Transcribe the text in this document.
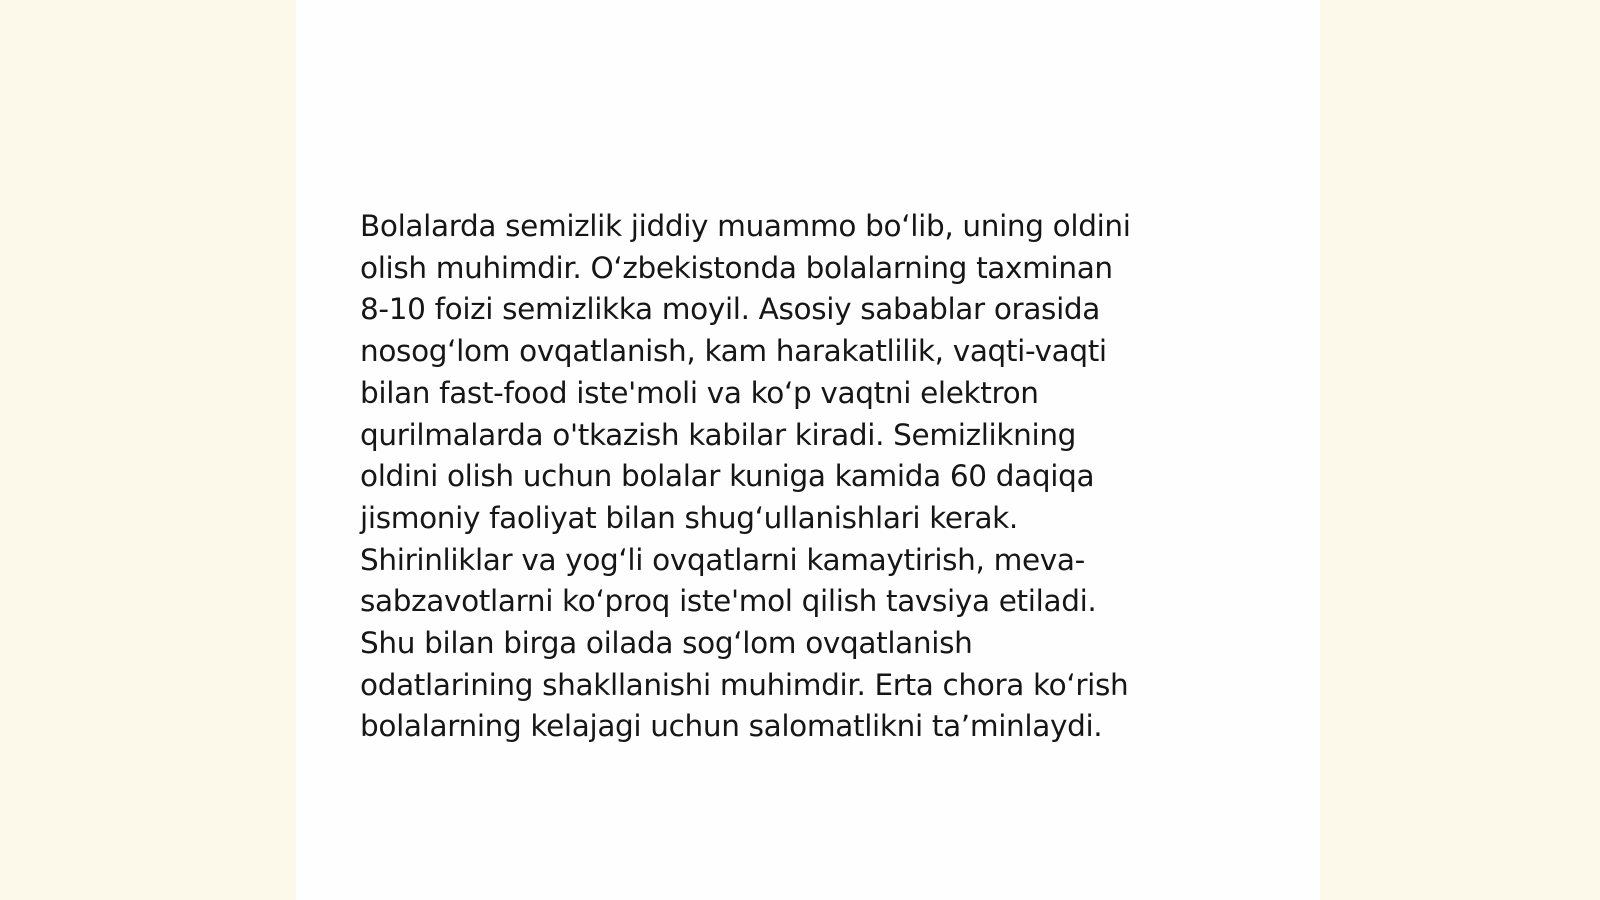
Bolalarda semizlik jiddiy muammo boʻlib, uning oldini
olish muhimdir. Oʻzbekistonda bolalarning taxminan
8-10 foizi semizlikka moyil. Asosiy sabablar orasida
nosogʻlom ovqatlanish, kam harakatlilik, vaqti-vaqti
bilan fast-food iste'moli va koʻp vaqtni elektron
qurilmalarda o'tkazish kabilar kiradi. Semizlikning
oldini olish uchun bolalar kuniga kamida 60 daqiqa
jismoniy faoliyat bilan shugʻullanishlari kerak.
Shirinliklar va yogʻli ovqatlarni kamaytirish, meva-
sabzavotlarni koʻproq iste'mol qilish tavsiya etiladi.
Shu bilan birga oilada sogʻlom ovqatlanish
odatlarining shakllanishi muhimdir. Erta chora koʻrish
bolalarning kelajagi uchun salomatlikni taʼminlaydi.
